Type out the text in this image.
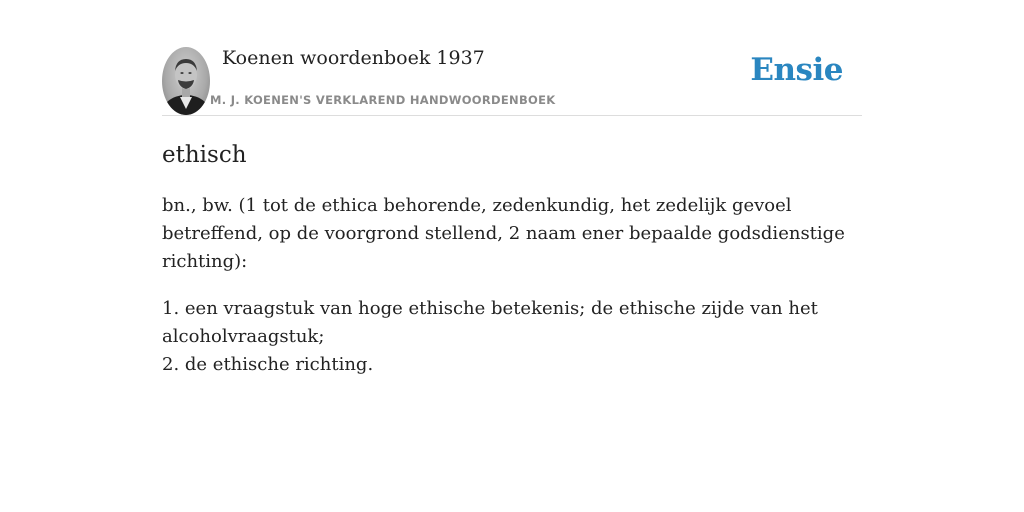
Koenen woordenboek 1937
M. J. KOENEN'S VERKLAREND HANDWOORDENBOEK
Ensie
ethisch

bn., bw. (1 tot de ethica behorende, zedenkundig, het zedelijk gevoel betreffend, op de voorgrond stellend, 2 naam ener bepaalde godsdienstige richting):

1. een vraagstuk van hoge ethische betekenis; de ethische zijde van het alcoholvraagstuk;
2. de ethische richting.
